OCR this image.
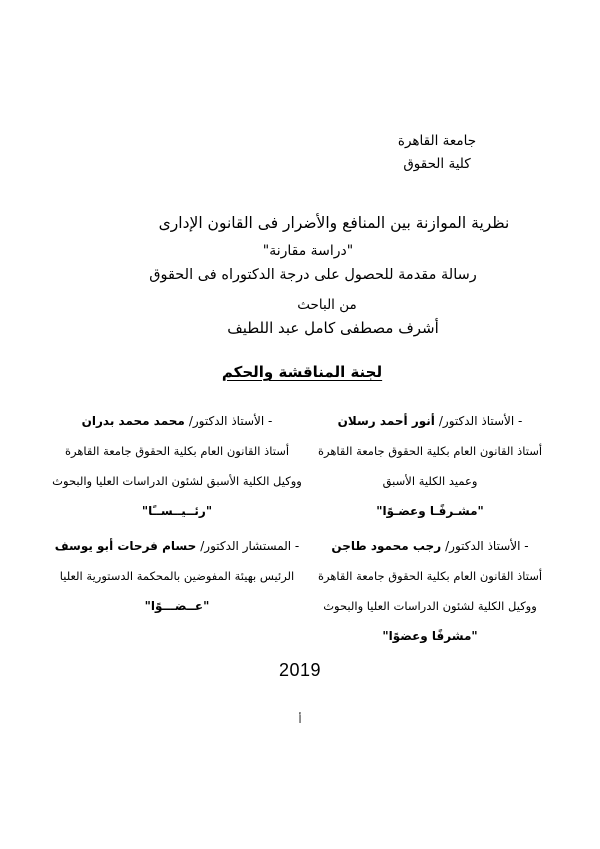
جامعة القاهرة
كلية الحقوق
نظرية الموازنة بين المنافع والأضرار فى القانون الإدارى
"دراسة مقارنة"
رسالة مقدمة للحصول على درجة الدكتوراه فى الحقوق
من الباحث
أشرف مصطفى كامل عبد اللطيف
لجنة المناقشة والحكم
- الأستاذ الدكتور/
أنور أحمد رسلان
أستاذ القانون العام بكلية الحقوق جامعة القاهرة
وعميد الكلية الأسبق
"مشـرفًـا وعضـوًا"
- الأستاذ الدكتور/
محمد محمد بدران
أستاذ القانون العام بكلية الحقوق جامعة القاهرة
ووكيل الكلية الأسبق لشئون الدراسات العليا والبحوث
"رئــيــســًا"
- الأستاذ الدكتور/
رجب محمود طاجن
أستاذ القانون العام بكلية الحقوق جامعة القاهرة
ووكيل الكلية لشئون الدراسات العليا والبحوث
"مشرفًا وعضوًا"
- المستشار الدكتور/
حسام فرحات أبو يوسف
الرئيس بهيئة المفوضين بالمحكمة الدستورية العليا
"عــضـــوًا"
2019
أ
